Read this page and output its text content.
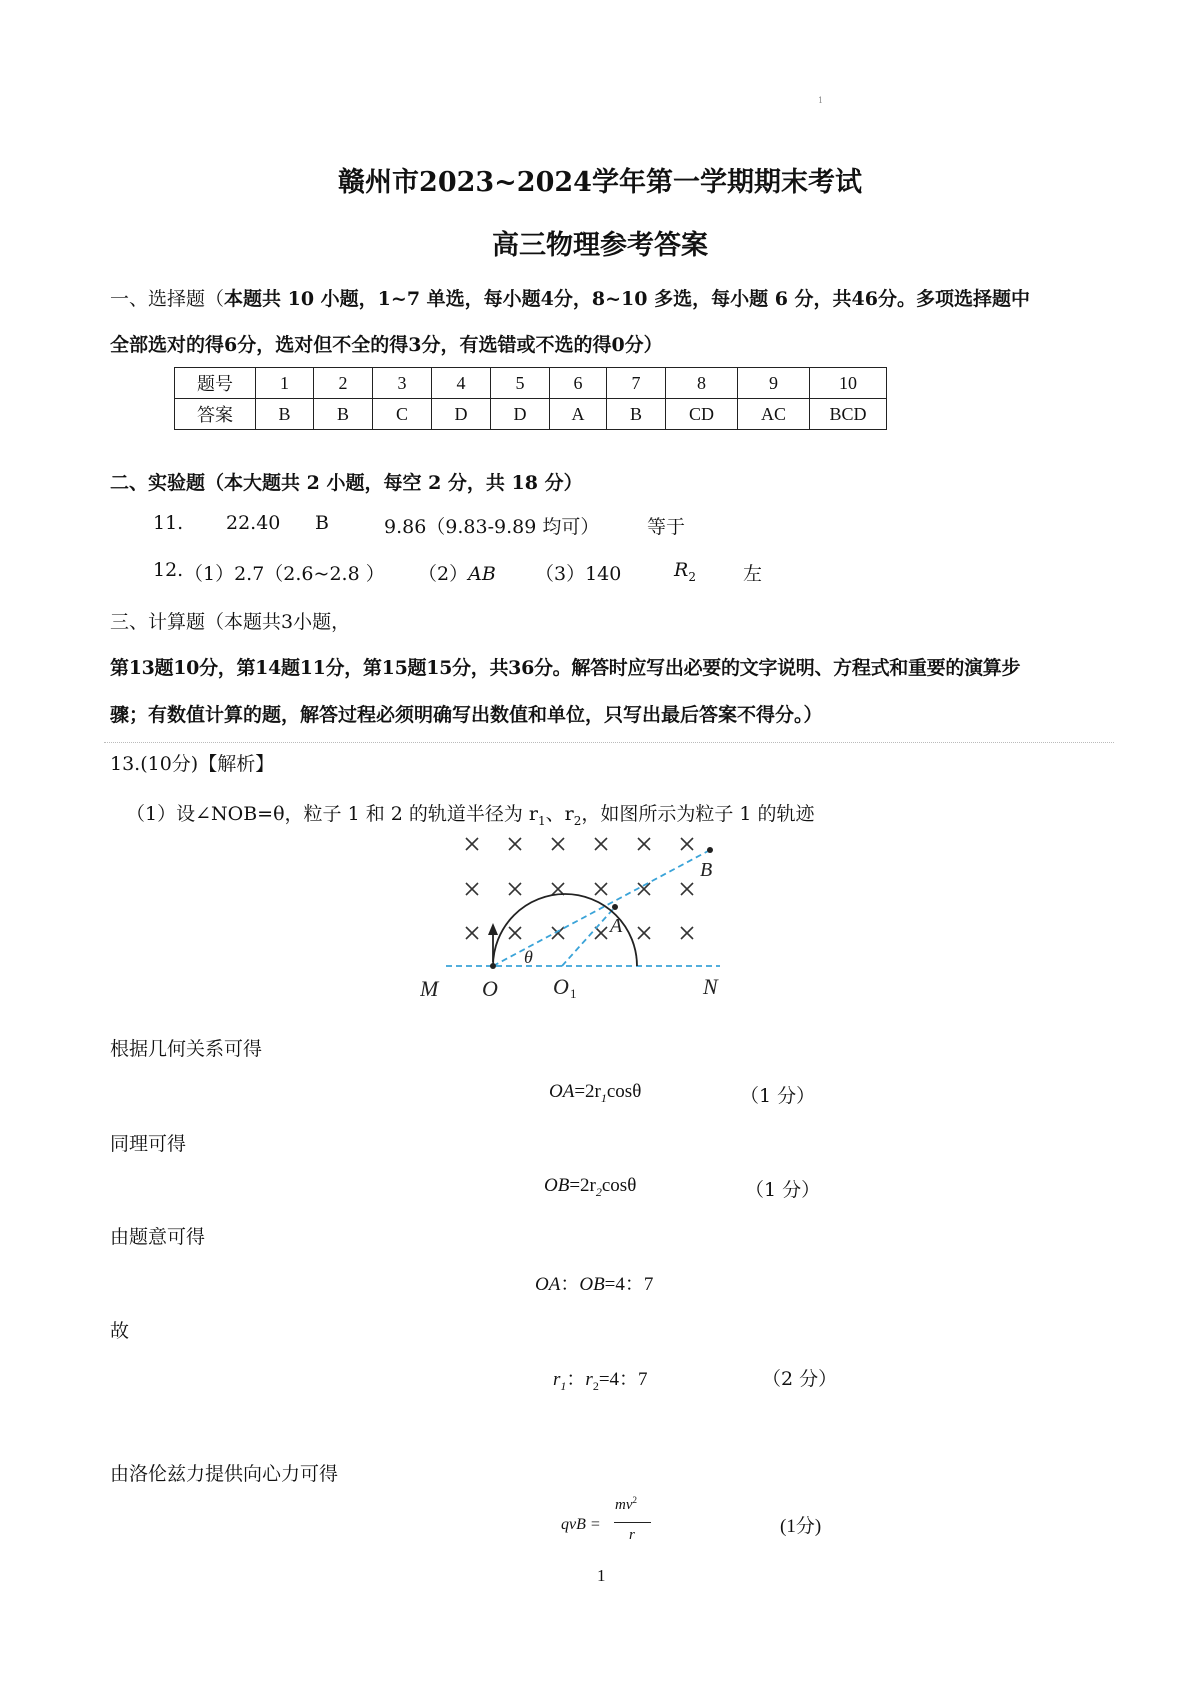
1
赣州市2023~2024学年第一学期期末考试
高三物理参考答案
一、选择题（本题共 10 小题，1~7 单选，每小题4分，8~10 多选，每小题 6 分，共46分。多项选择题中
全部选对的得6分，选对但不全的得3分，有选错或不选的得0分）
题号	1	2	3	4	5	6	7	8	9	10
答案	B	B	C	D	D	A	B	CD	AC	BCD
二、实验题（本大题共 2 小题，每空 2 分，共 18 分）
11. 22.40 B	9.86（9.83-9.89 均可）	等于
12. （1）2.7（2.6~2.8 ） （2）AB （3）140	$R_2$ 左
三、计算题（本题共3小题，
第13题10分，第14题11分，第15题15分，共36分。解答时应写出必要的文字说明、方程式和重要的演算步
骤；有数值计算的题，解答过程必须明确写出数值和单位，只写出最后答案不得分。）
13.(10分)【解析】
（1）设∠NOB=θ，粒子 1 和 2 的轨道半径为 $r_1$、$r_2$，如图所示为粒子 1 的轨迹
M O	O 1	N
A
B
θ
根据几何关系可得
$OA=2r_1\cos\theta$	（1 分）
同理可得
$OB=2r_2\cos\theta$	（1 分）
由题意可得
OA：OB=4：7
故
$r_1$：$r_2=4$：7	（2 分）
由洛伦兹力提供向心力可得
qvB =
$mv^2$
r	(1分)
1
